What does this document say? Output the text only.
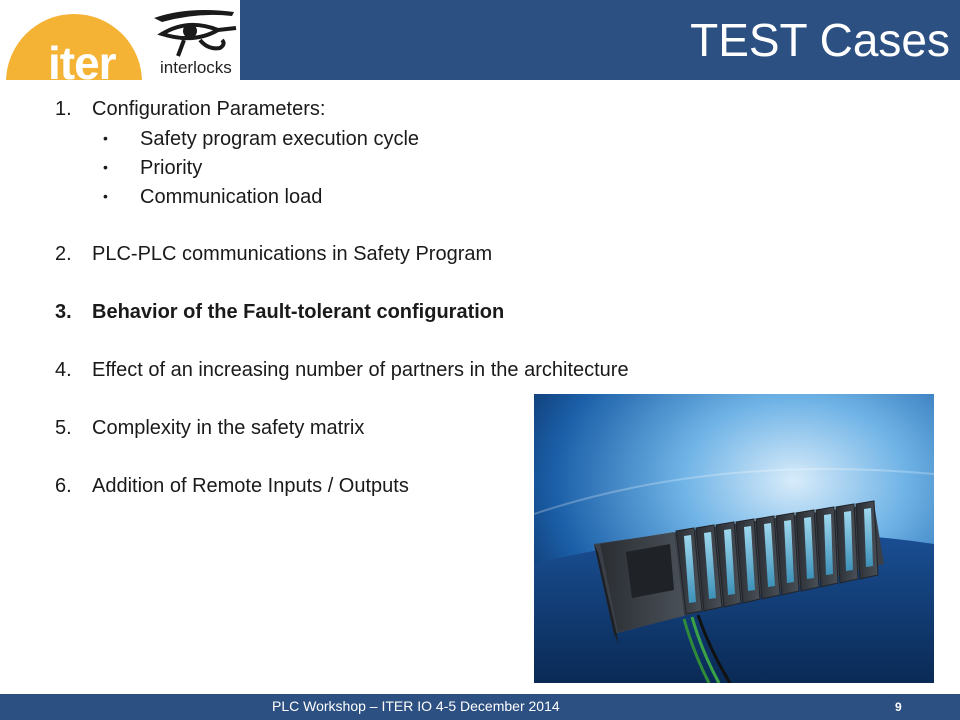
iter	interlocks
TEST Cases
1. Configuration Parameters:
• Safety program execution cycle
• Priority
• Communication load
2. PLC-PLC communications in Safety Program
3. Behavior of the Fault-tolerant configuration
4. Effect of an increasing number of partners in the architecture
5. Complexity in the safety matrix
6. Addition of Remote Inputs / Outputs
PLC Workshop – ITER IO 4-5 December 2014	9
